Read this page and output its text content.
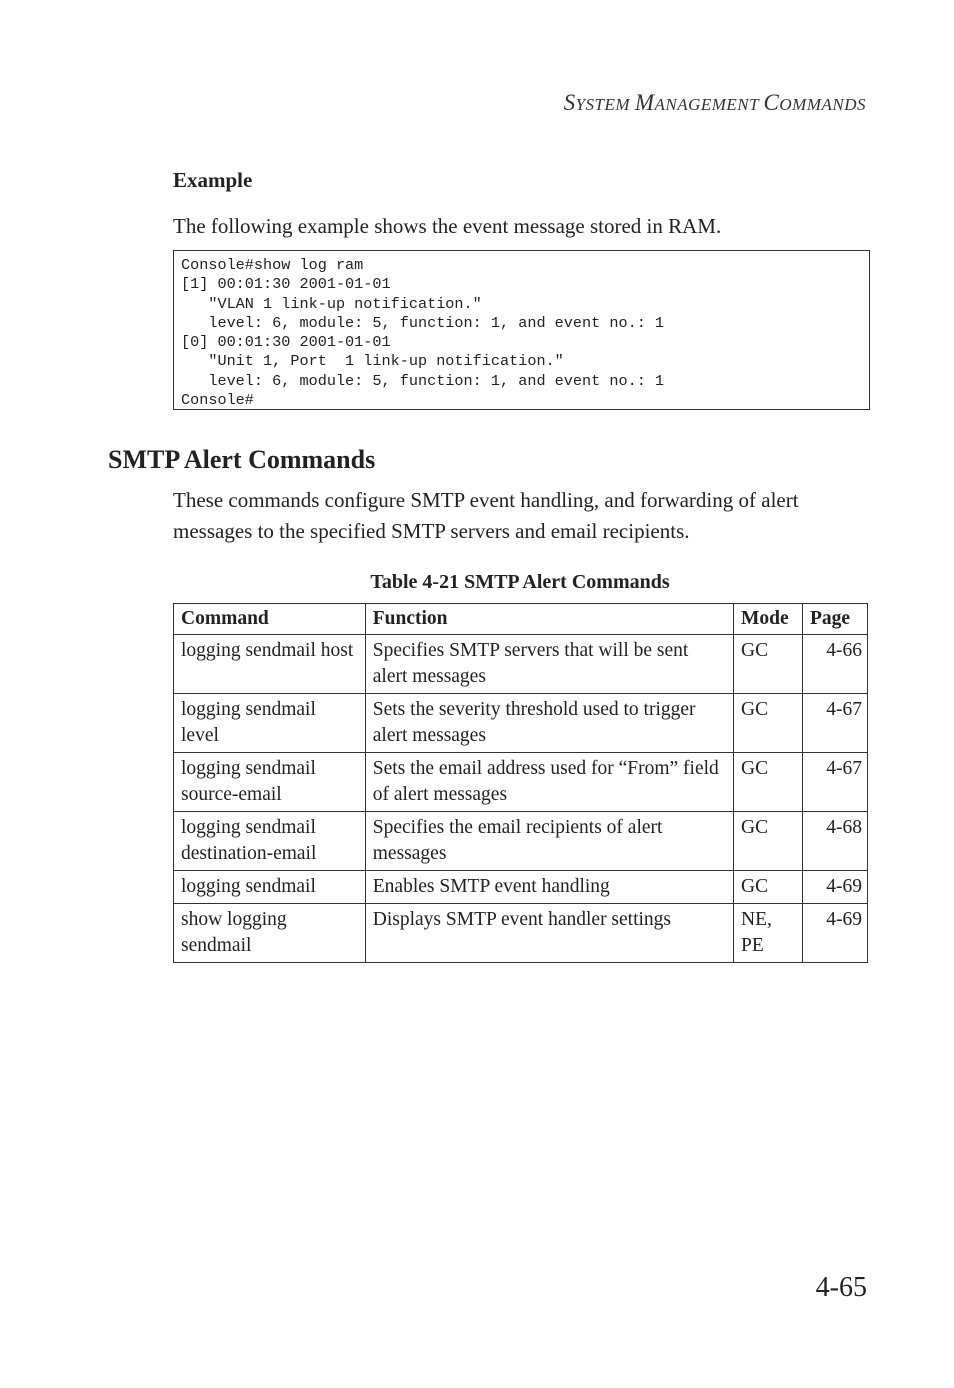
SYSTEM MANAGEMENT COMMANDS
Example
The following example shows the event message stored in RAM.
Console#show log ram
[1] 00:01:30 2001-01-01
"VLAN 1 link-up notification."
level: 6, module: 5, function: 1, and event no.: 1
[0] 00:01:30 2001-01-01
"Unit 1, Port  1 link-up notification."
level: 6, module: 5, function: 1, and event no.: 1
Console#
SMTP Alert Commands
These commands configure SMTP event handling, and forwarding of alert messages to the specified SMTP servers and email recipients.
Table 4-21 SMTP Alert Commands
Command	Function	Mode	Page
logging sendmail host	Specifies SMTP servers that will be sent alert messages	GC	4-66
logging sendmail level	Sets the severity threshold used to trigger alert messages	GC	4-67
logging sendmail source-email	Sets the email address used for “From” field of alert messages	GC	4-67
logging sendmail destination-email	Specifies the email recipients of alert messages	GC	4-68
logging sendmail	Enables SMTP event handling	GC	4-69
show logging sendmail	Displays SMTP event handler settings	NE, PE	4-69
4-65
